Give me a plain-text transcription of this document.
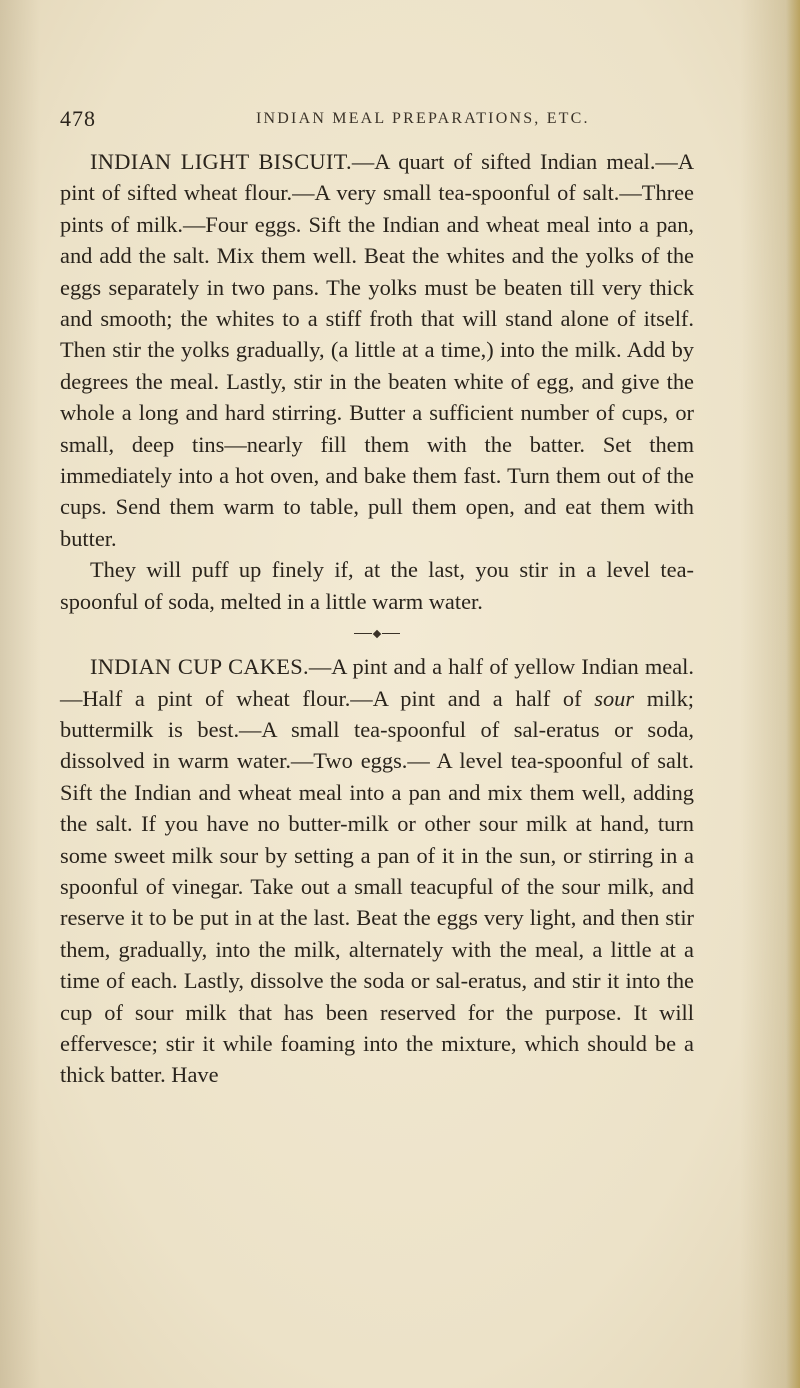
478	INDIAN MEAL PREPARATIONS, ETC.

INDIAN LIGHT BISCUIT.—A quart of sifted Indian meal.—A pint of sifted wheat flour.—A very small tea-spoonful of salt.—Three pints of milk.—Four eggs. Sift the Indian and wheat meal into a pan, and add the salt. Mix them well. Beat the whites and the yolks of the eggs separately in two pans. The yolks must be beaten till very thick and smooth; the whites to a stiff froth that will stand alone of itself. Then stir the yolks gradually, (a little at a time,) into the milk. Add by degrees the meal. Lastly, stir in the beaten white of egg, and give the whole a long and hard stirring. Butter a sufficient number of cups, or small, deep tins—nearly fill them with the batter. Set them immediately into a hot oven, and bake them fast. Turn them out of the cups. Send them warm to table, pull them open, and eat them with butter.

They will puff up finely if, at the last, you stir in a level tea-spoonful of soda, melted in a little warm water.

INDIAN CUP CAKES.—A pint and a half of yellow Indian meal.—Half a pint of wheat flour.—A pint and a half of sour milk; buttermilk is best.—A small tea-spoonful of sal-eratus or soda, dissolved in warm water.—Two eggs.— A level tea-spoonful of salt. Sift the Indian and wheat meal into a pan and mix them well, adding the salt. If you have no butter-milk or other sour milk at hand, turn some sweet milk sour by setting a pan of it in the sun, or stirring in a spoonful of vinegar. Take out a small teacupful of the sour milk, and reserve it to be put in at the last. Beat the eggs very light, and then stir them, gradually, into the milk, alternately with the meal, a little at a time of each. Lastly, dissolve the soda or sal-eratus, and stir it into the cup of sour milk that has been reserved for the purpose. It will effervesce; stir it while foaming into the mixture, which should be a thick batter. Have
